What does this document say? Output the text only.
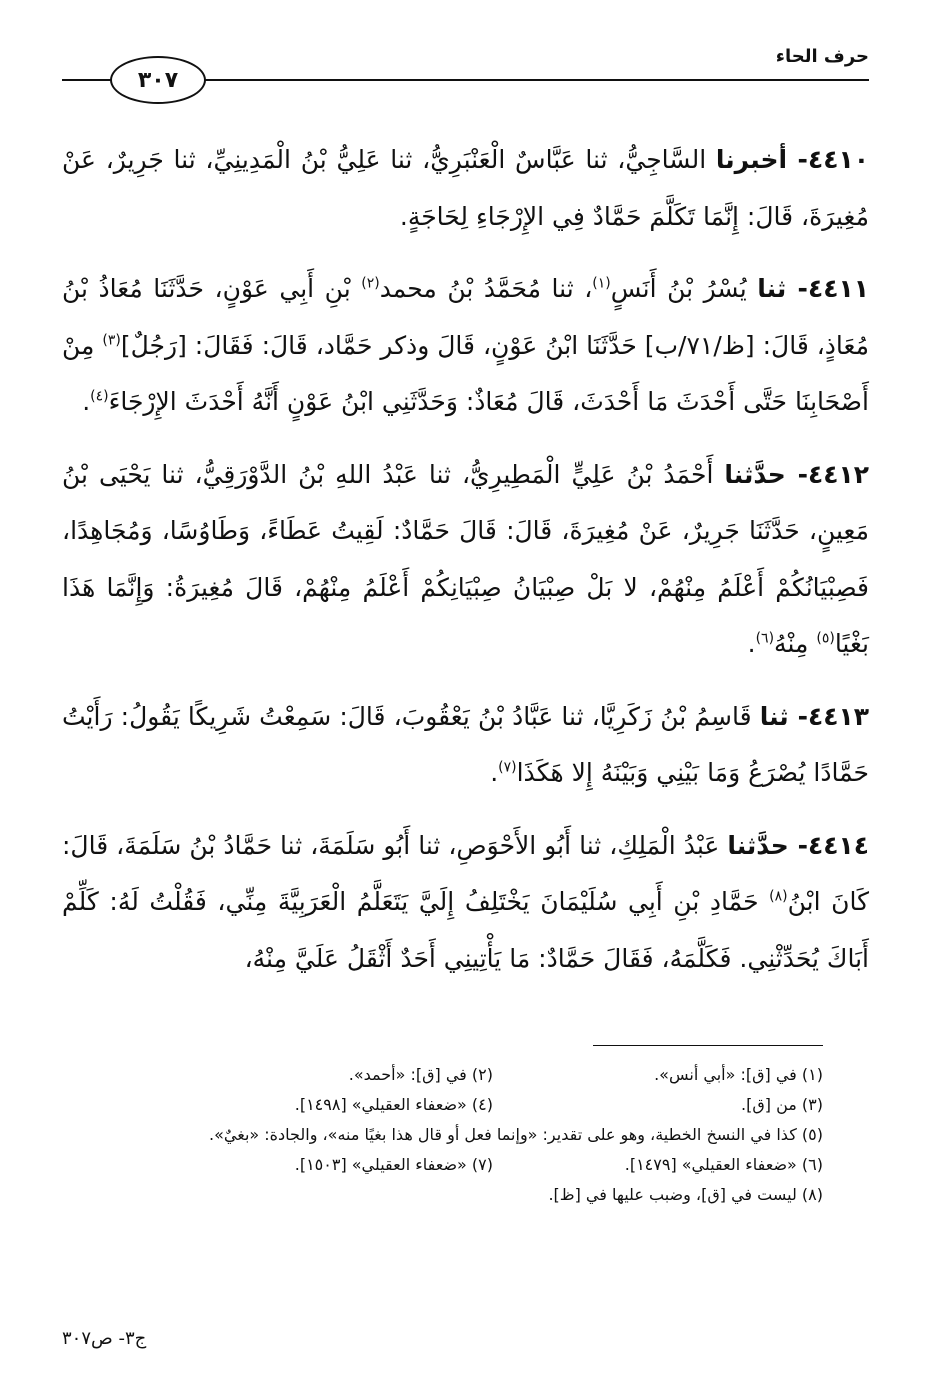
حرف الحاء
٣٠٧

٤٤١٠- أخبرنا السَّاجِيُّ، ثنا عَبَّاسٌ الْعَنْبَرِيُّ، ثنا عَلِيُّ بْنُ الْمَدِينِيِّ، ثنا جَرِيرٌ، عَنْ مُغِيرَةَ، قَالَ: إِنَّمَا تَكَلَّمَ حَمَّادٌ فِي الإِرْجَاءِ لِحَاجَةٍ.

٤٤١١- ثنا يُسْرُ بْنُ أَنَسٍ$^{(١)}$، ثنا مُحَمَّدُ بْنُ محمد$^{(٢)}$ بْنِ أَبِي عَوْنٍ، حَدَّثَنَا مُعَاذُ بْنُ مُعَاذٍ، قَالَ: [ظ/٧١/ب] حَدَّثَنَا ابْنُ عَوْنٍ، قَالَ وذكر حَمَّاد، قَالَ: فَقَالَ: [رَجُلٌ]$^{(٣)}$ مِنْ أَصْحَابِنَا حَتَّى أَحْدَثَ مَا أَحْدَثَ، قَالَ مُعَاذٌ: وَحَدَّثَنِي ابْنُ عَوْنٍ أَنَّهُ أَحْدَثَ الإِرْجَاءَ$^{(٤)}$.

٤٤١٢- حدَّثنا أَحْمَدُ بْنُ عَلِيٍّ الْمَطِيرِيُّ، ثنا عَبْدُ اللهِ بْنُ الدَّوْرَقِيُّ، ثنا يَحْيَى بْنُ مَعِينٍ، حَدَّثَنَا جَرِيرٌ، عَنْ مُغِيرَةَ، قَالَ: قَالَ حَمَّادٌ: لَقِيتُ عَطَاءً، وَطَاوُسًا، وَمُجَاهِدًا، فَصِبْيَانُكُمْ أَعْلَمُ مِنْهُمْ، لا بَلْ صِبْيَانُ صِبْيَانِكُمْ أَعْلَمُ مِنْهُمْ، قَالَ مُغِيرَةُ: وَإِنَّمَا هَذَا بَغْيًا$^{(٥)}$ مِنْهُ$^{(٦)}$.

٤٤١٣- ثنا قَاسِمُ بْنُ زَكَرِيَّا، ثنا عَبَّادُ بْنُ يَعْقُوبَ، قَالَ: سَمِعْتُ شَرِيكًا يَقُولُ: رَأَيْتُ حَمَّادًا يُصْرَعُ وَمَا بَيْنِي وَبَيْنَهُ إِلا هَكَذَا$^{(٧)}$.

٤٤١٤- حدَّثنا عَبْدُ الْمَلِكِ، ثنا أَبُو الأَحْوَصِ، ثنا أَبُو سَلَمَةَ، ثنا حَمَّادُ بْنُ سَلَمَةَ، قَالَ: كَانَ ابْنُ$^{(٨)}$ حَمَّادِ بْنِ أَبِي سُلَيْمَانَ يَخْتَلِفُ إِلَيَّ يَتَعَلَّمُ الْعَرَبِيَّةَ مِنِّي، فَقُلْتُ لَهُ: كَلِّمْ أَبَاكَ يُحَدِّثْنِي. فَكَلَّمَهُ، فَقَالَ حَمَّادٌ: مَا يَأْتِينِي أَحَدٌ أَثْقَلُ عَلَيَّ مِنْهُ،

(١) في [ق]: «أبي أنس».
(٢) في [ق]: «أحمد».
(٣) من [ق].
(٤) «ضعفاء العقيلي» [١٤٩٨].
(٥) كذا في النسخ الخطية، وهو على تقدير: «وإنما فعل أو قال هذا بغيًا منه»، والجادة: «بغيٌ».
(٦) «ضعفاء العقيلي» [١٤٧٩].
(٧) «ضعفاء العقيلي» [١٥٠٣].
(٨) ليست في [ق]، وضبب عليها في [ظ].
ج٣- ص٣٠٧
